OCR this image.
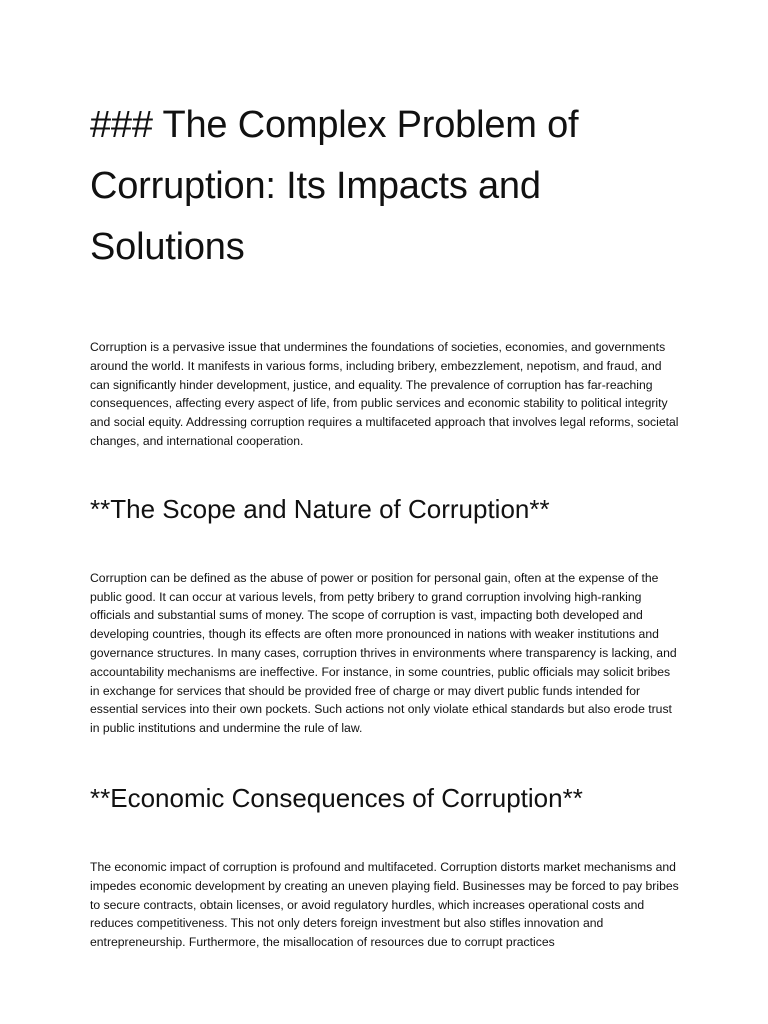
### The Complex Problem of Corruption: Its Impacts and Solutions

Corruption is a pervasive issue that undermines the foundations of societies, economies, and governments around the world. It manifests in various forms, including bribery, embezzlement, nepotism, and fraud, and can significantly hinder development, justice, and equality. The prevalence of corruption has far-reaching consequences, affecting every aspect of life, from public services and economic stability to political integrity and social equity. Addressing corruption requires a multifaceted approach that involves legal reforms, societal changes, and international cooperation.

**The Scope and Nature of Corruption**

Corruption can be defined as the abuse of power or position for personal gain, often at the expense of the public good. It can occur at various levels, from petty bribery to grand corruption involving high-ranking officials and substantial sums of money. The scope of corruption is vast, impacting both developed and developing countries, though its effects are often more pronounced in nations with weaker institutions and governance structures. In many cases, corruption thrives in environments where transparency is lacking, and accountability mechanisms are ineffective. For instance, in some countries, public officials may solicit bribes in exchange for services that should be provided free of charge or may divert public funds intended for essential services into their own pockets. Such actions not only violate ethical standards but also erode trust in public institutions and undermine the rule of law.

**Economic Consequences of Corruption**

The economic impact of corruption is profound and multifaceted. Corruption distorts market mechanisms and impedes economic development by creating an uneven playing field. Businesses may be forced to pay bribes to secure contracts, obtain licenses, or avoid regulatory hurdles, which increases operational costs and reduces competitiveness. This not only deters foreign investment but also stifles innovation and entrepreneurship. Furthermore, the misallocation of resources due to corrupt practices
